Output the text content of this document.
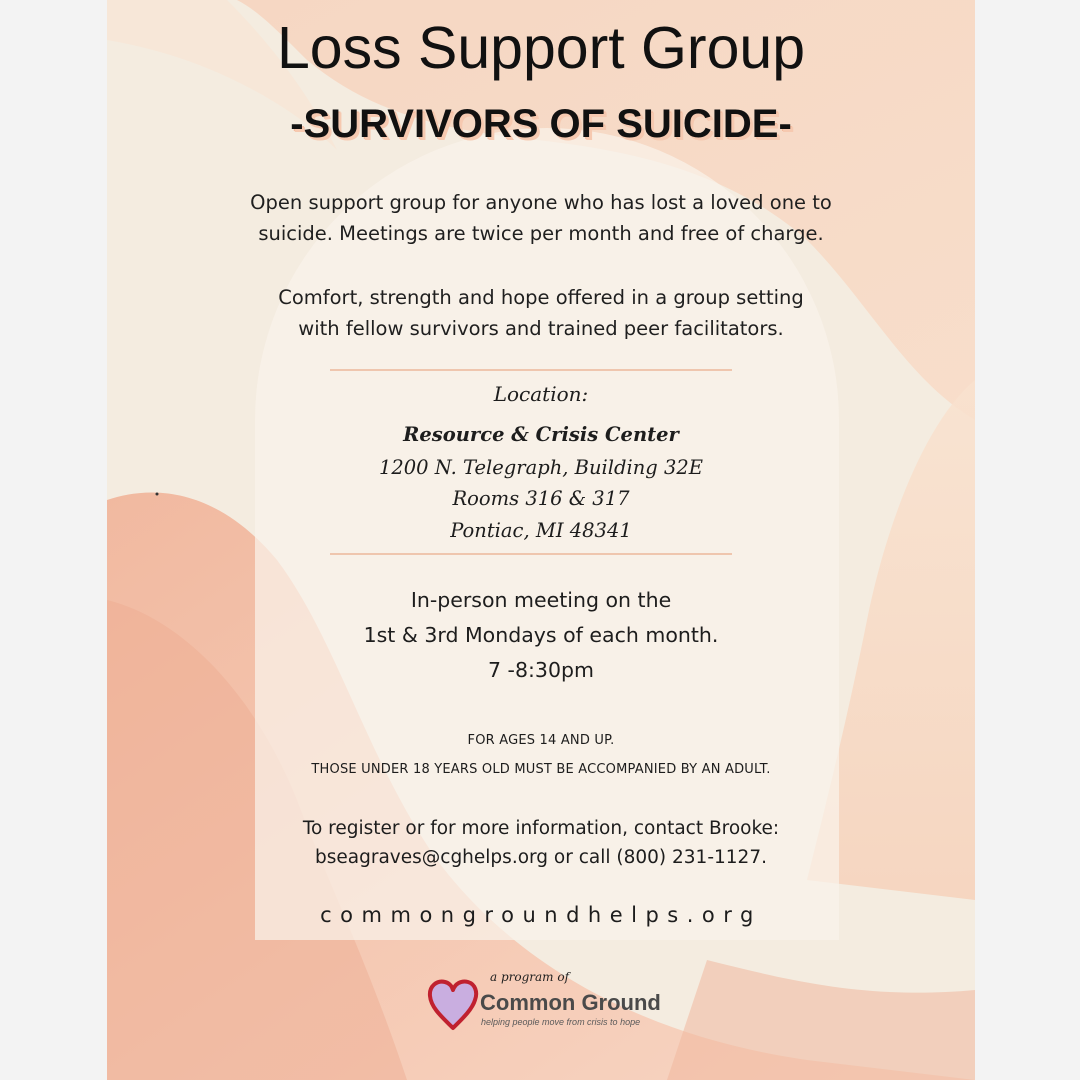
Loss Support Group
-SURVIVORS OF SUICIDE-
Open support group for anyone who has lost a loved one to
suicide. Meetings are twice per month and free of charge.
Comfort, strength and hope offered in a group setting
with fellow survivors and trained peer facilitators.
Location:
Resource & Crisis Center
1200 N. Telegraph, Building 32E
Rooms 316 & 317
Pontiac, MI 48341
In-person meeting on the
1st & 3rd Mondays of each month.
7 -8:30pm
FOR AGES 14 AND UP.
THOSE UNDER 18 YEARS OLD MUST BE ACCOMPANIED BY AN ADULT.
To register or for more information, contact Brooke:
bseagraves@cghelps.org or call (800) 231-1127.
commongroundhelps.org
a program of
Common Ground
helping people move from crisis to hope
